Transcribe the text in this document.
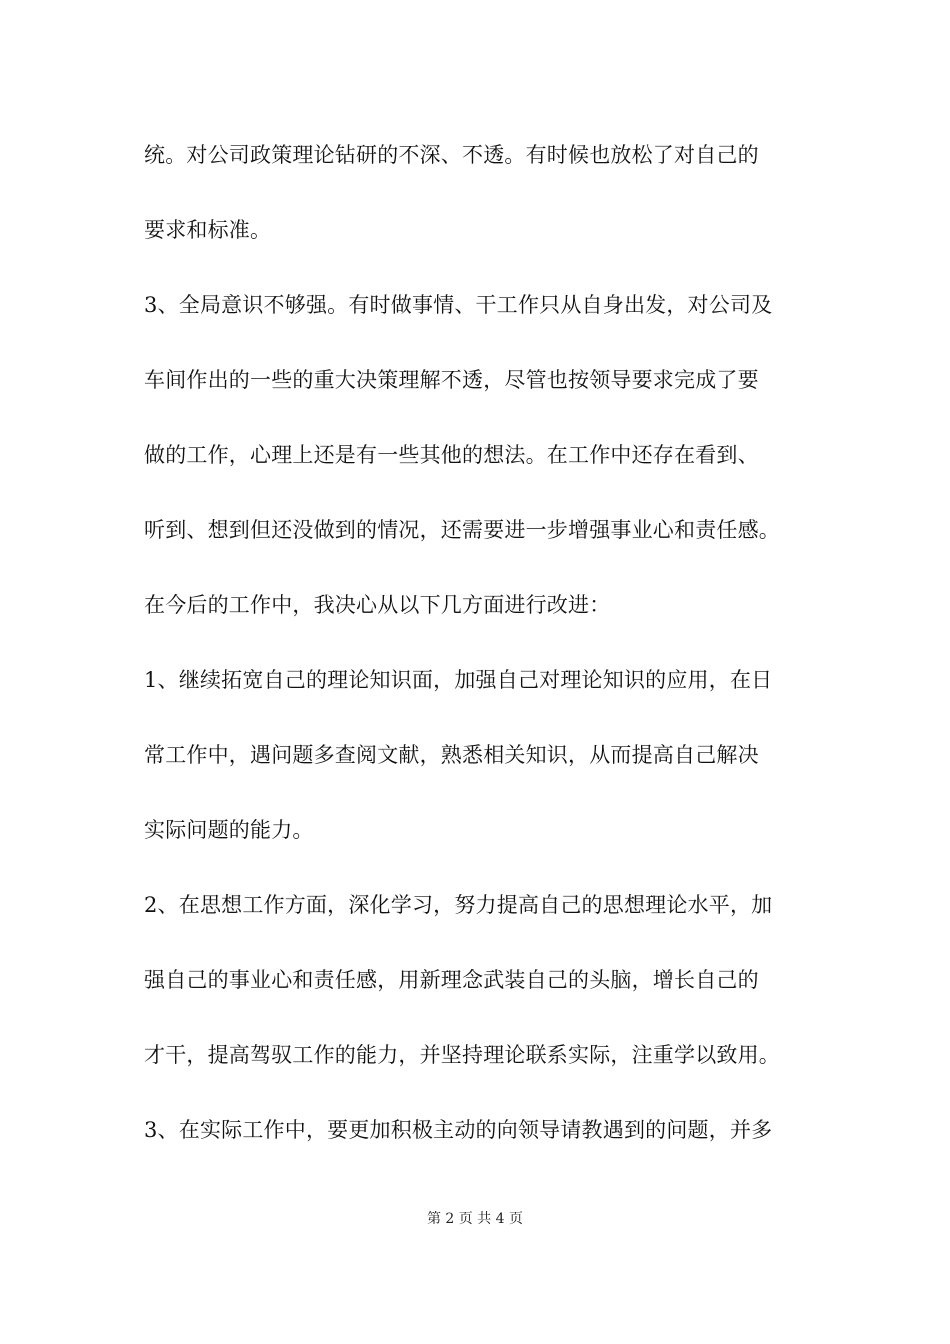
统。对公司政策理论钻研的不深、不透。有时候也放松了对自己的
要求和标准。
3、全局意识不够强。有时做事情、干工作只从自身出发，对公司及
车间作出的一些的重大决策理解不透，尽管也按领导要求完成了要
做的工作，心理上还是有一些其他的想法。在工作中还存在看到、
听到、想到但还没做到的情况，还需要进一步增强事业心和责任感。
在今后的工作中，我决心从以下几方面进行改进：
1、继续拓宽自己的理论知识面，加强自己对理论知识的应用，在日
常工作中，遇问题多查阅文献，熟悉相关知识，从而提高自己解决
实际问题的能力。
2、在思想工作方面，深化学习，努力提高自己的思想理论水平，加
强自己的事业心和责任感，用新理念武装自己的头脑，增长自己的
才干，提高驾驭工作的能力，并坚持理论联系实际，注重学以致用。
3、在实际工作中，要更加积极主动的向领导请教遇到的问题，并多
第 2 页 共 4 页
